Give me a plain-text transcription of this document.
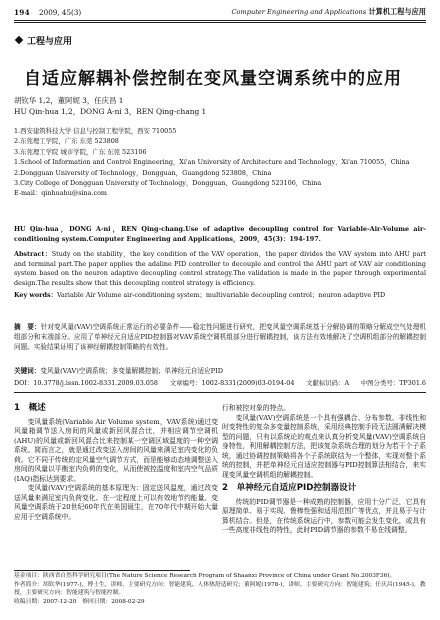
194 2009, 45(3)	Computer Engineering and Applications 计算机工程与应用
工程与应用
自适应解耦补偿控制在变风量空调系统中的应用
胡钦华 1,2，董阿妮 3，任庆昌 1
HU Qin-hua 1,2，DONG A-ni 3，REN Qing-chang 1
1.西安建筑科技大学 信息与控制工程学院，西安 710055
2.东莞理工学院，广东 东莞 523808
3.东莞理工学院 城市学院，广东 东莞 523106
1.School of Information and Control Engineering，Xi'an University of Architecture and Technology，Xi'an 710055，China
2.Dongguan University of Technology，Dongguan，Guangdong 523808，China
3.City College of Dongguan University of Technology，Dongguan，Guangdong 523106，China
E-mail：qinhuahu@sina.com
HU Qin-hua，DONG A-ni，REN Qing-chang.Use of adaptive decoupling control for Variable-Air-Volume air-conditioning system.Computer Engineering and Applications，2009，45(3)：194-197.
Abstract：Study on the stability，the key condition of the VAV operation，the paper divides the VAV system into AHU part and terminal part.The paper applies the adaline PID controller to decouple and control the AHU part of VAV air conditioning system based on the neuron adaptive decoupling control strategy.The validation is made in the paper through experimental design.The results show that this decoupling control strategy is efficiency.
Key words：Variable Air Volume air-conditioning system；multivariable decoupling control；neuron adaptive PID
摘　要：针对变风量(VAV)空调系统正常运行的必要条件——稳定性问题进行研究，把变风量空调系统基于分解协调的策略分解成空气处理机组部分和末端部分。应用了单神经元自适应PID控制器对VAV系统空调机组部分进行解耦控制，该方法有效地解决了空调机组部分的解耦控制问题。实验结果证明了该神经解耦控制策略的有效性。
关键词：变风量(VAV)空调系统；多变量解耦控制；单神经元自适应PID
DOI：10.3778/j.issn.1002-8331.2009.03.058 文章编号：1002-8331(2009)03-0194-04 文献标识码：A 中图分类号：TP301.6
1　概述

变风量系统(Variable Air Volume system，VAV系统)通过变风量箱调节送入房间的风量或新回风混合比，并相应调节空调机(AHU)的风量或新回风混合比来控制某一空调区域温度的一种空调系统。简而言之，就是通过改变送入房间的风量来满足室内变化的负荷。它不同于传统的定风量空气调节方式，而是能够动态地调整送入房间的风量以平衡室内负荷的变化，从而使被控温度和室内空气品质(IAQ)指标达到要求。

变风量(VAV)空调系统的基本原理为：固定送风温度，通过改变送风量来满足室内负荷变化。在一定程度上可以有效地节约能量。变风量空调系统于20世纪60年代在美国诞生，在70年代中期开始大量应用于空调系统中。

行和被控对象的特点。

变风量(VAV)空调系统是一个具有强耦合、分布参数、非线性和时变特性的复杂多变量控制系统，采用经典控制手段无法圆满解决模型的问题，只有以系统论的观点来认真分析变风量(VAV)空调系统自身特性，利用解耦控制方法，把该复杂系统合理的划分为若干个子系统，通过协调控制策略将各个子系统联结为一个整体，实现对整个系统的控制，并把单神经元自适应控制器与PID控制算法相结合，来实现变风量空调机组的解耦控制。

2　单神经元自适应PID控制器设计

传统的PID调节器是一种成熟的控制器，应用十分广泛，它具有原理简单、易于实现、鲁棒性强和适用范围广等优点，并且易于与计算机结合。但是，在传统系统运行中，参数可能会发生变化，或具有一些高度非线性的特性，此时PID调节器的参数不易在线调整。

基金项目：陕西省自然科学研究项目(The Nature Science Research Program of Shaanxi Province of China under Grant No.2003F36)。
作者简介：胡钦华(1977-)，博士生，讲师，主要研究方向：智能建筑、人体热舒适研究；董阿妮(1978-)，讲师，主要研究方向：智能建筑；任庆昌(1945-)，教授，主要研究方向：智能建筑与智能控制。
收稿日期：2007-12-20　修回日期：2008-02-29
